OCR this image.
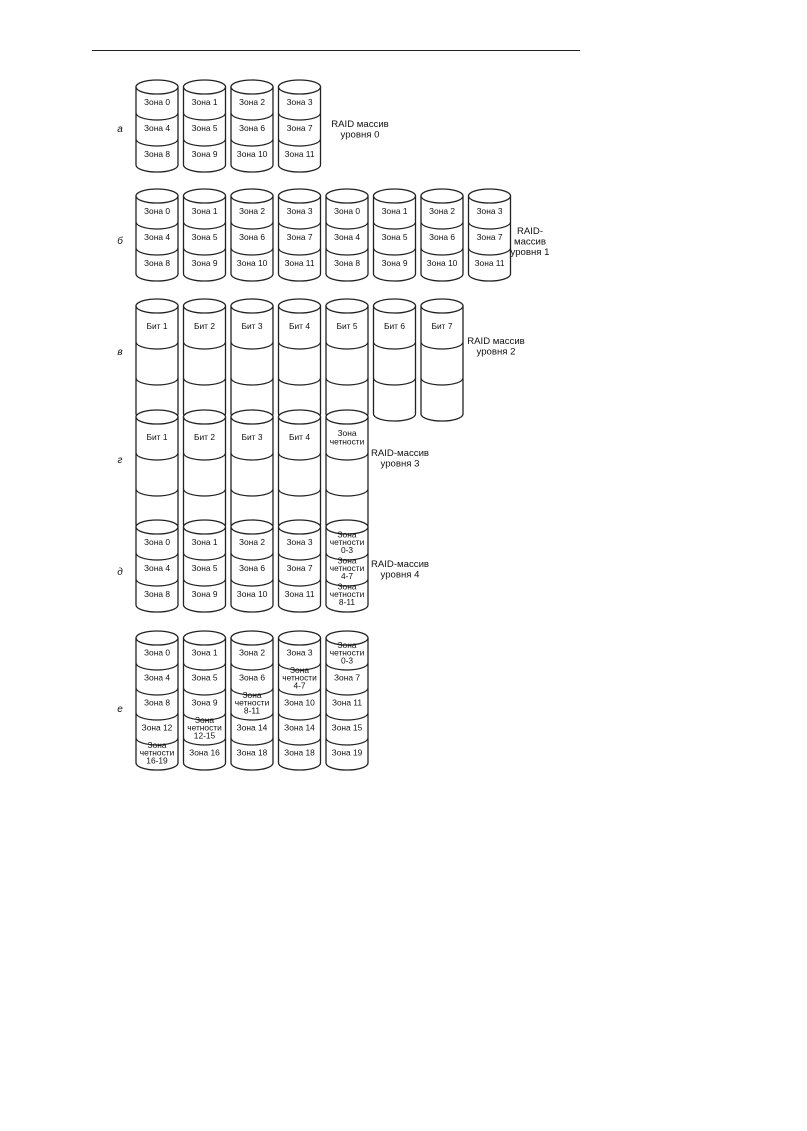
a
Зона 0
Зона 4
Зона 8
Зона 1
Зона 5
Зона 9
Зона 2
Зона 6
Зона 10
Зона 3
Зона 7
Зона 11
RAID массив уровня 0
б
Зона 0
Зона 4
Зона 8
Зона 1
Зона 5
Зона 9
Зона 2
Зона 6
Зона 10
Зона 3
Зона 7
Зона 11
Зона 0
Зона 4
Зона 8
Зона 1
Зона 5
Зона 9
Зона 2
Зона 6
Зона 10
Зона 3
Зона 7
Зона 11
RAID-массив уровня 1
в
Бит 1	Бит 2	Бит 3	Бит 4	Бит 5	Бит 6	Бит 7
RAID массив уровня 2
г
Бит 1	Бит 2	Бит 3	Бит 4	Зона четности
RAID-массив уровня 3
д
Зона 0
Зона 4
Зона 8
Зона 1
Зона 5
Зона 9
Зона 2
Зона 6
Зона 10
Зона 3
Зона 7
Зона 11
Зона четности 0-3
Зона четности 4-7
Зона четности 8-11
RAID-массив уровня 4
е
Зона 0
Зона 4
Зона 8
Зона 12
Зона четности 16-19
Зона 1
Зона 5
Зона 9
Зона четности 12-15
Зона 16
Зона 2
Зона 6
Зона четности 8-11
Зона 14
Зона 18
Зона 3
Зона четности 4-7
Зона 10
Зона 14
Зона 18
Зона четности 0-3
Зона 7
Зона 11
Зона 15
Зона 19
